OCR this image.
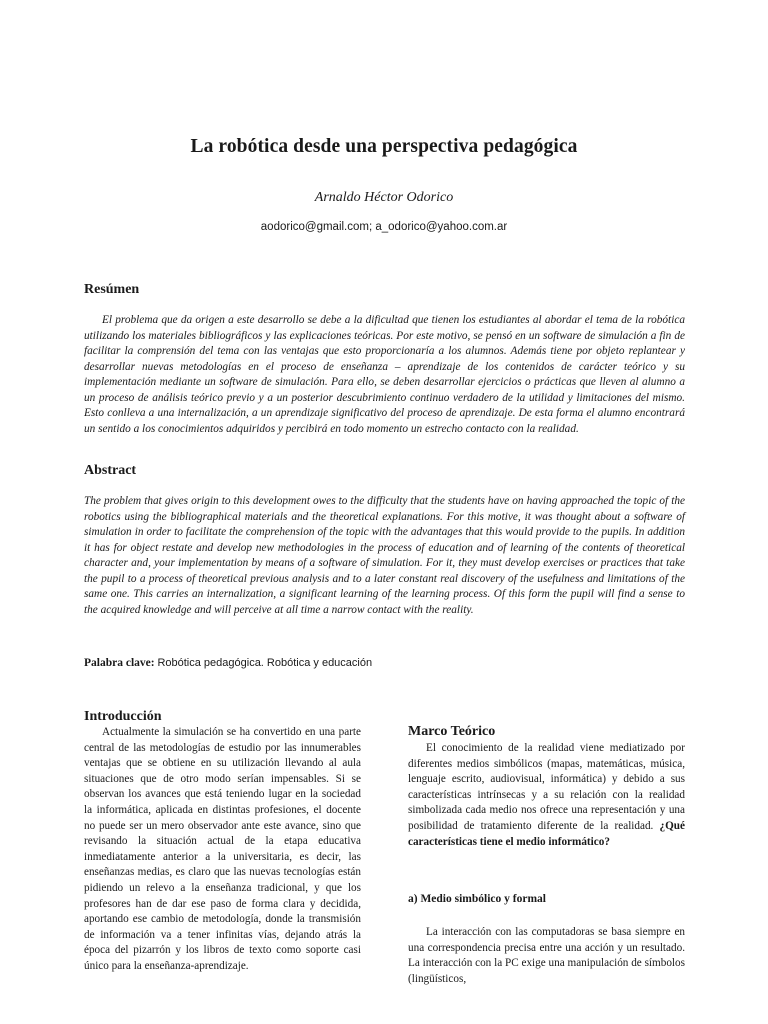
La robótica desde una perspectiva pedagógica
Arnaldo Héctor Odorico
aodorico@gmail.com; a_odorico@yahoo.com.ar
Resúmen

El problema que da origen a este desarrollo se debe a la dificultad que tienen los estudiantes al abordar el tema de la robótica utilizando los materiales bibliográficos y las explicaciones teóricas. Por este motivo, se pensó en un software de simulación a fin de facilitar la comprensión del tema con las ventajas que esto proporcionaría a los alumnos. Además tiene por objeto replantear y desarrollar nuevas metodologías en el proceso de enseñanza – aprendizaje de los contenidos de carácter teórico y su implementación mediante un software de simulación. Para ello, se deben desarrollar ejercicios o prácticas que lleven al alumno a un proceso de análisis teórico previo y a un posterior descubrimiento continuo verdadero de la utilidad y limitaciones del mismo. Esto conlleva a una internalización, a un aprendizaje significativo del proceso de aprendizaje. De esta forma el alumno encontrará un sentido a los conocimientos adquiridos y percibirá en todo momento un estrecho contacto con la realidad.

Abstract

The problem that gives origin to this development owes to the difficulty that the students have on having approached the topic of the robotics using the bibliographical materials and the theoretical explanations. For this motive, it was thought about a software of simulation in order to facilitate the comprehension of the topic with the advantages that this would provide to the pupils. In addition it has for object restate and develop new methodologies in the process of education and of learning of the contents of theoretical character and, your implementation by means of a software of simulation. For it, they must develop exercises or practices that take the pupil to a process of theoretical previous analysis and to a later constant real discovery of the usefulness and limitations of the same one. This carries an internalization, a significant learning of the learning process. Of this form the pupil will find a sense to the acquired knowledge and will perceive at all time a narrow contact with the reality.

Palabra clave: Robótica pedagógica. Robótica y educación
Introducción

Actualmente la simulación se ha convertido en una parte central de las metodologías de estudio por las innumerables ventajas que se obtiene en su utilización llevando al aula situaciones que de otro modo serían impensables. Si se observan los avances que está teniendo lugar en la sociedad la informática, aplicada en distintas profesiones, el docente no puede ser un mero observador ante este avance, sino que revisando la situación actual de la etapa educativa inmediatamente anterior a la universitaria, es decir, las enseñanzas medias, es claro que las nuevas tecnologías están pidiendo un relevo a la enseñanza tradicional, y que los profesores han de dar ese paso de forma clara y decidida, aportando ese cambio de metodología, donde la transmisión de información va a tener infinitas vías, dejando atrás la época del pizarrón y los libros de texto como soporte casi único para la enseñanza-aprendizaje.

Marco Teórico

El conocimiento de la realidad viene mediatizado por diferentes medios simbólicos (mapas, matemáticas, música, lenguaje escrito, audiovisual, informática) y debido a sus características intrínsecas y a su relación con la realidad simbolizada cada medio nos ofrece una representación y una posibilidad de tratamiento diferente de la realidad. ¿Qué características tiene el medio informático?

a) Medio simbólico y formal

La interacción con las computadoras se basa siempre en una correspondencia precisa entre una acción y un resultado. La interacción con la PC exige una manipulación de símbolos (lingüísticos,
